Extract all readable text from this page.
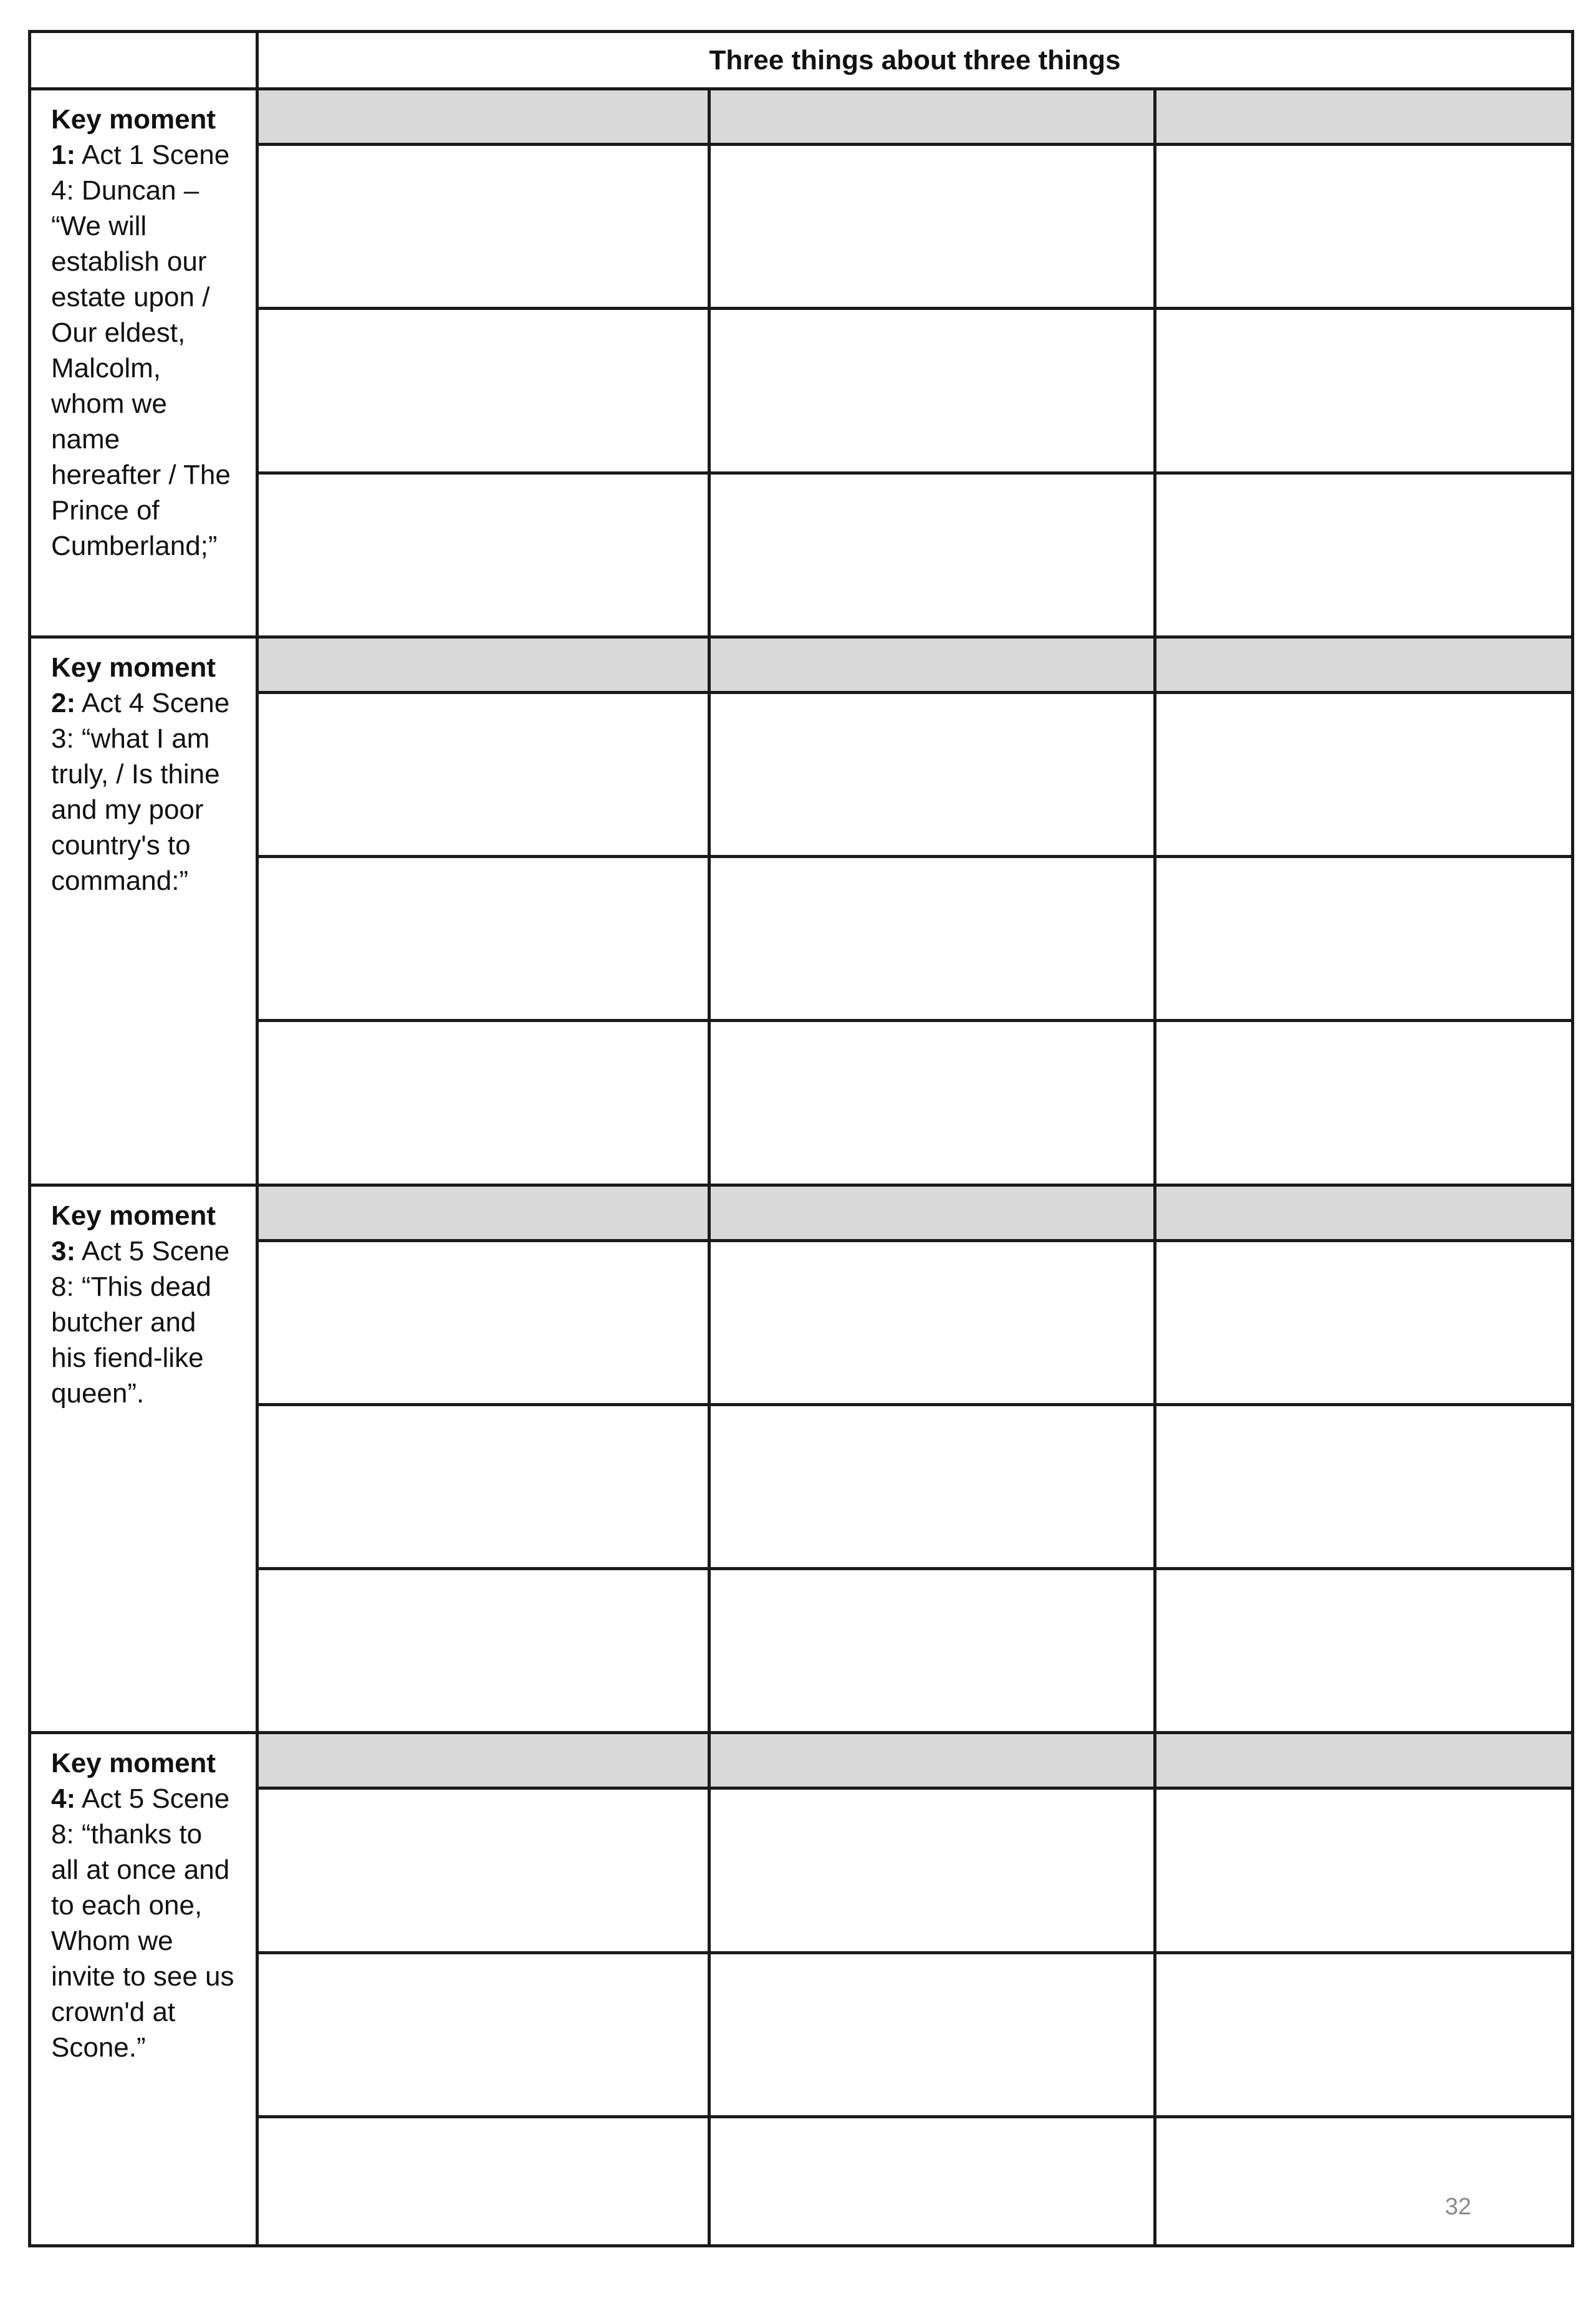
	Three things about three things		

Key moment
1: Act 1 Scene 4: Duncan – “We will establish our estate upon / Our eldest, Malcolm, whom we name hereafter / The Prince of Cumberland;”			

Key moment
2: Act 4 Scene 3: “what I am truly, / Is thine and my poor country's to command:”			

Key moment
3: Act 5 Scene 8: “This dead butcher and his fiend-like queen”.			

Key moment
4: Act 5 Scene 8: “thanks to all at once and to each one, Whom we invite to see us crown'd at Scone.”			

			32
